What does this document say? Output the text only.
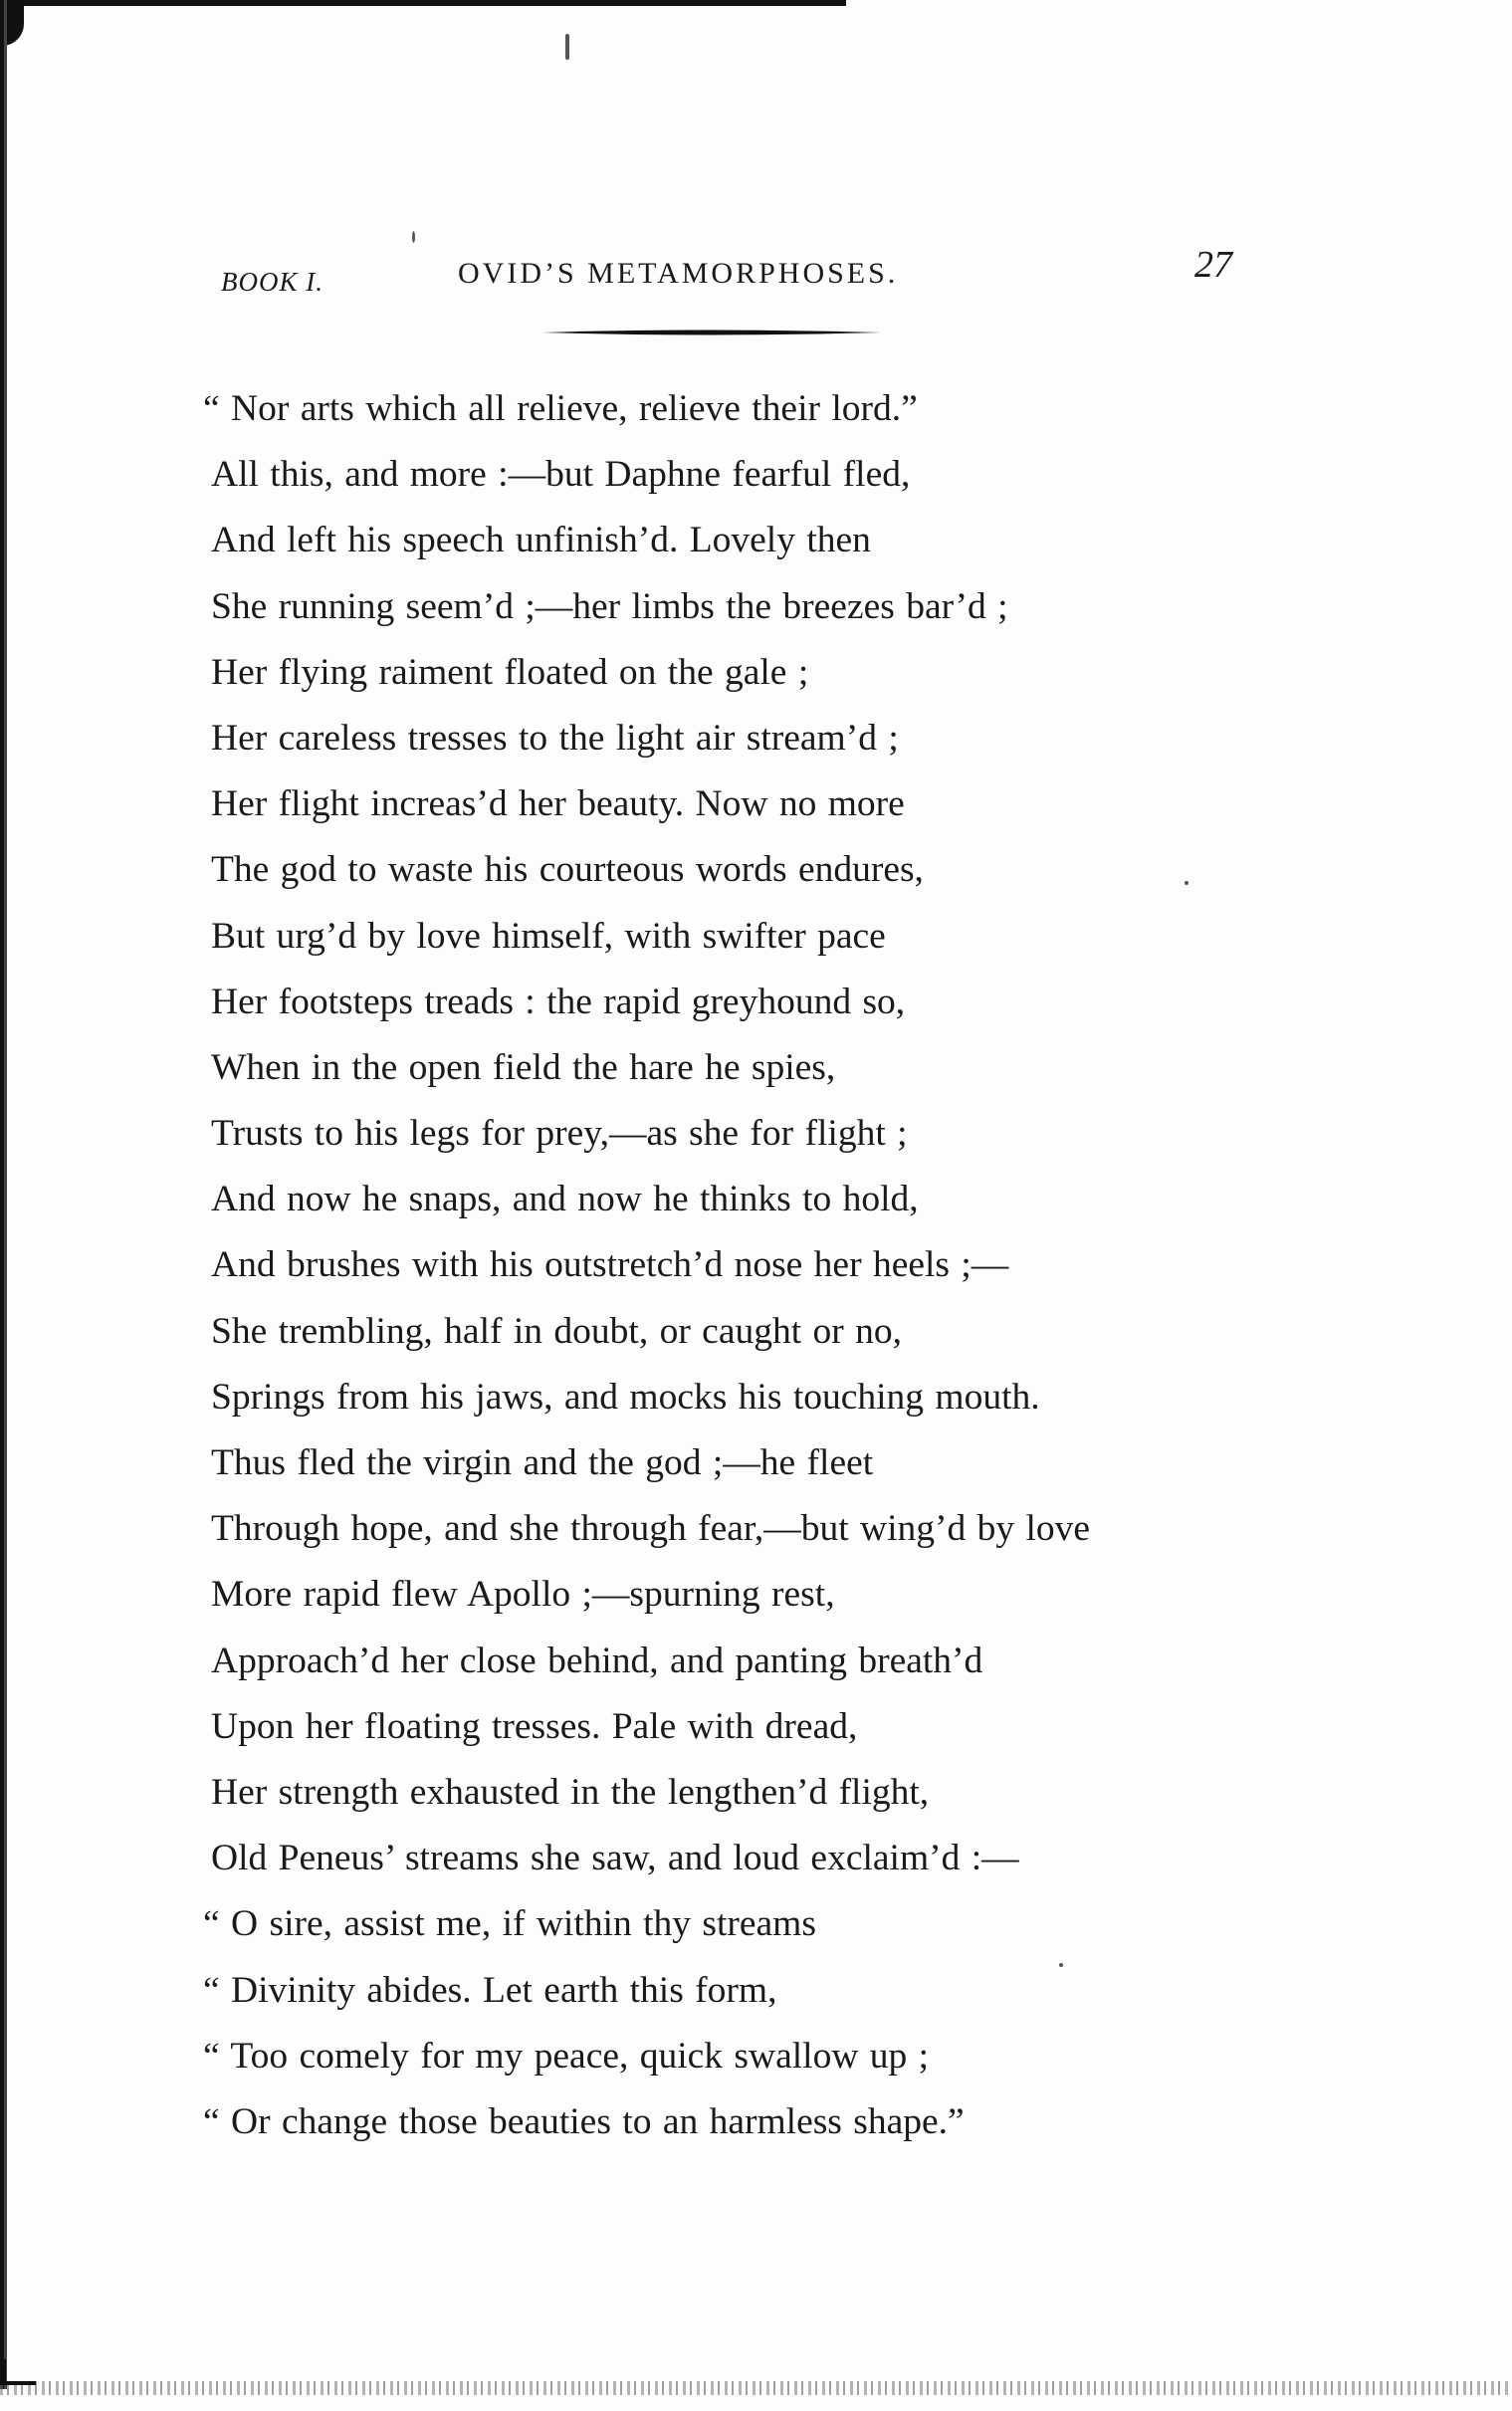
BOOK I.	OVID’S METAMORPHOSES.	27
“ Nor arts which all relieve, relieve their lord.”
All this, and more :—but Daphne fearful fled,
And left his speech unfinish’d. Lovely then
She running seem’d ;—her limbs the breezes bar’d ;
Her flying raiment floated on the gale ;
Her careless tresses to the light air stream’d ;
Her flight increas’d her beauty. Now no more
The god to waste his courteous words endures,
But urg’d by love himself, with swifter pace
Her footsteps treads : the rapid greyhound so,
When in the open field the hare he spies,
Trusts to his legs for prey,—as she for flight ;
And now he snaps, and now he thinks to hold,
And brushes with his outstretch’d nose her heels ;—
She trembling, half in doubt, or caught or no,
Springs from his jaws, and mocks his touching mouth.
Thus fled the virgin and the god ;—he fleet
Through hope, and she through fear,—but wing’d by love
More rapid flew Apollo ;—spurning rest,
Approach’d her close behind, and panting breath’d
Upon her floating tresses. Pale with dread,
Her strength exhausted in the lengthen’d flight,
Old Peneus’ streams she saw, and loud exclaim’d :—
“ O sire, assist me, if within thy streams
“ Divinity abides. Let earth this form,
“ Too comely for my peace, quick swallow up ;
“ Or change those beauties to an harmless shape.”
